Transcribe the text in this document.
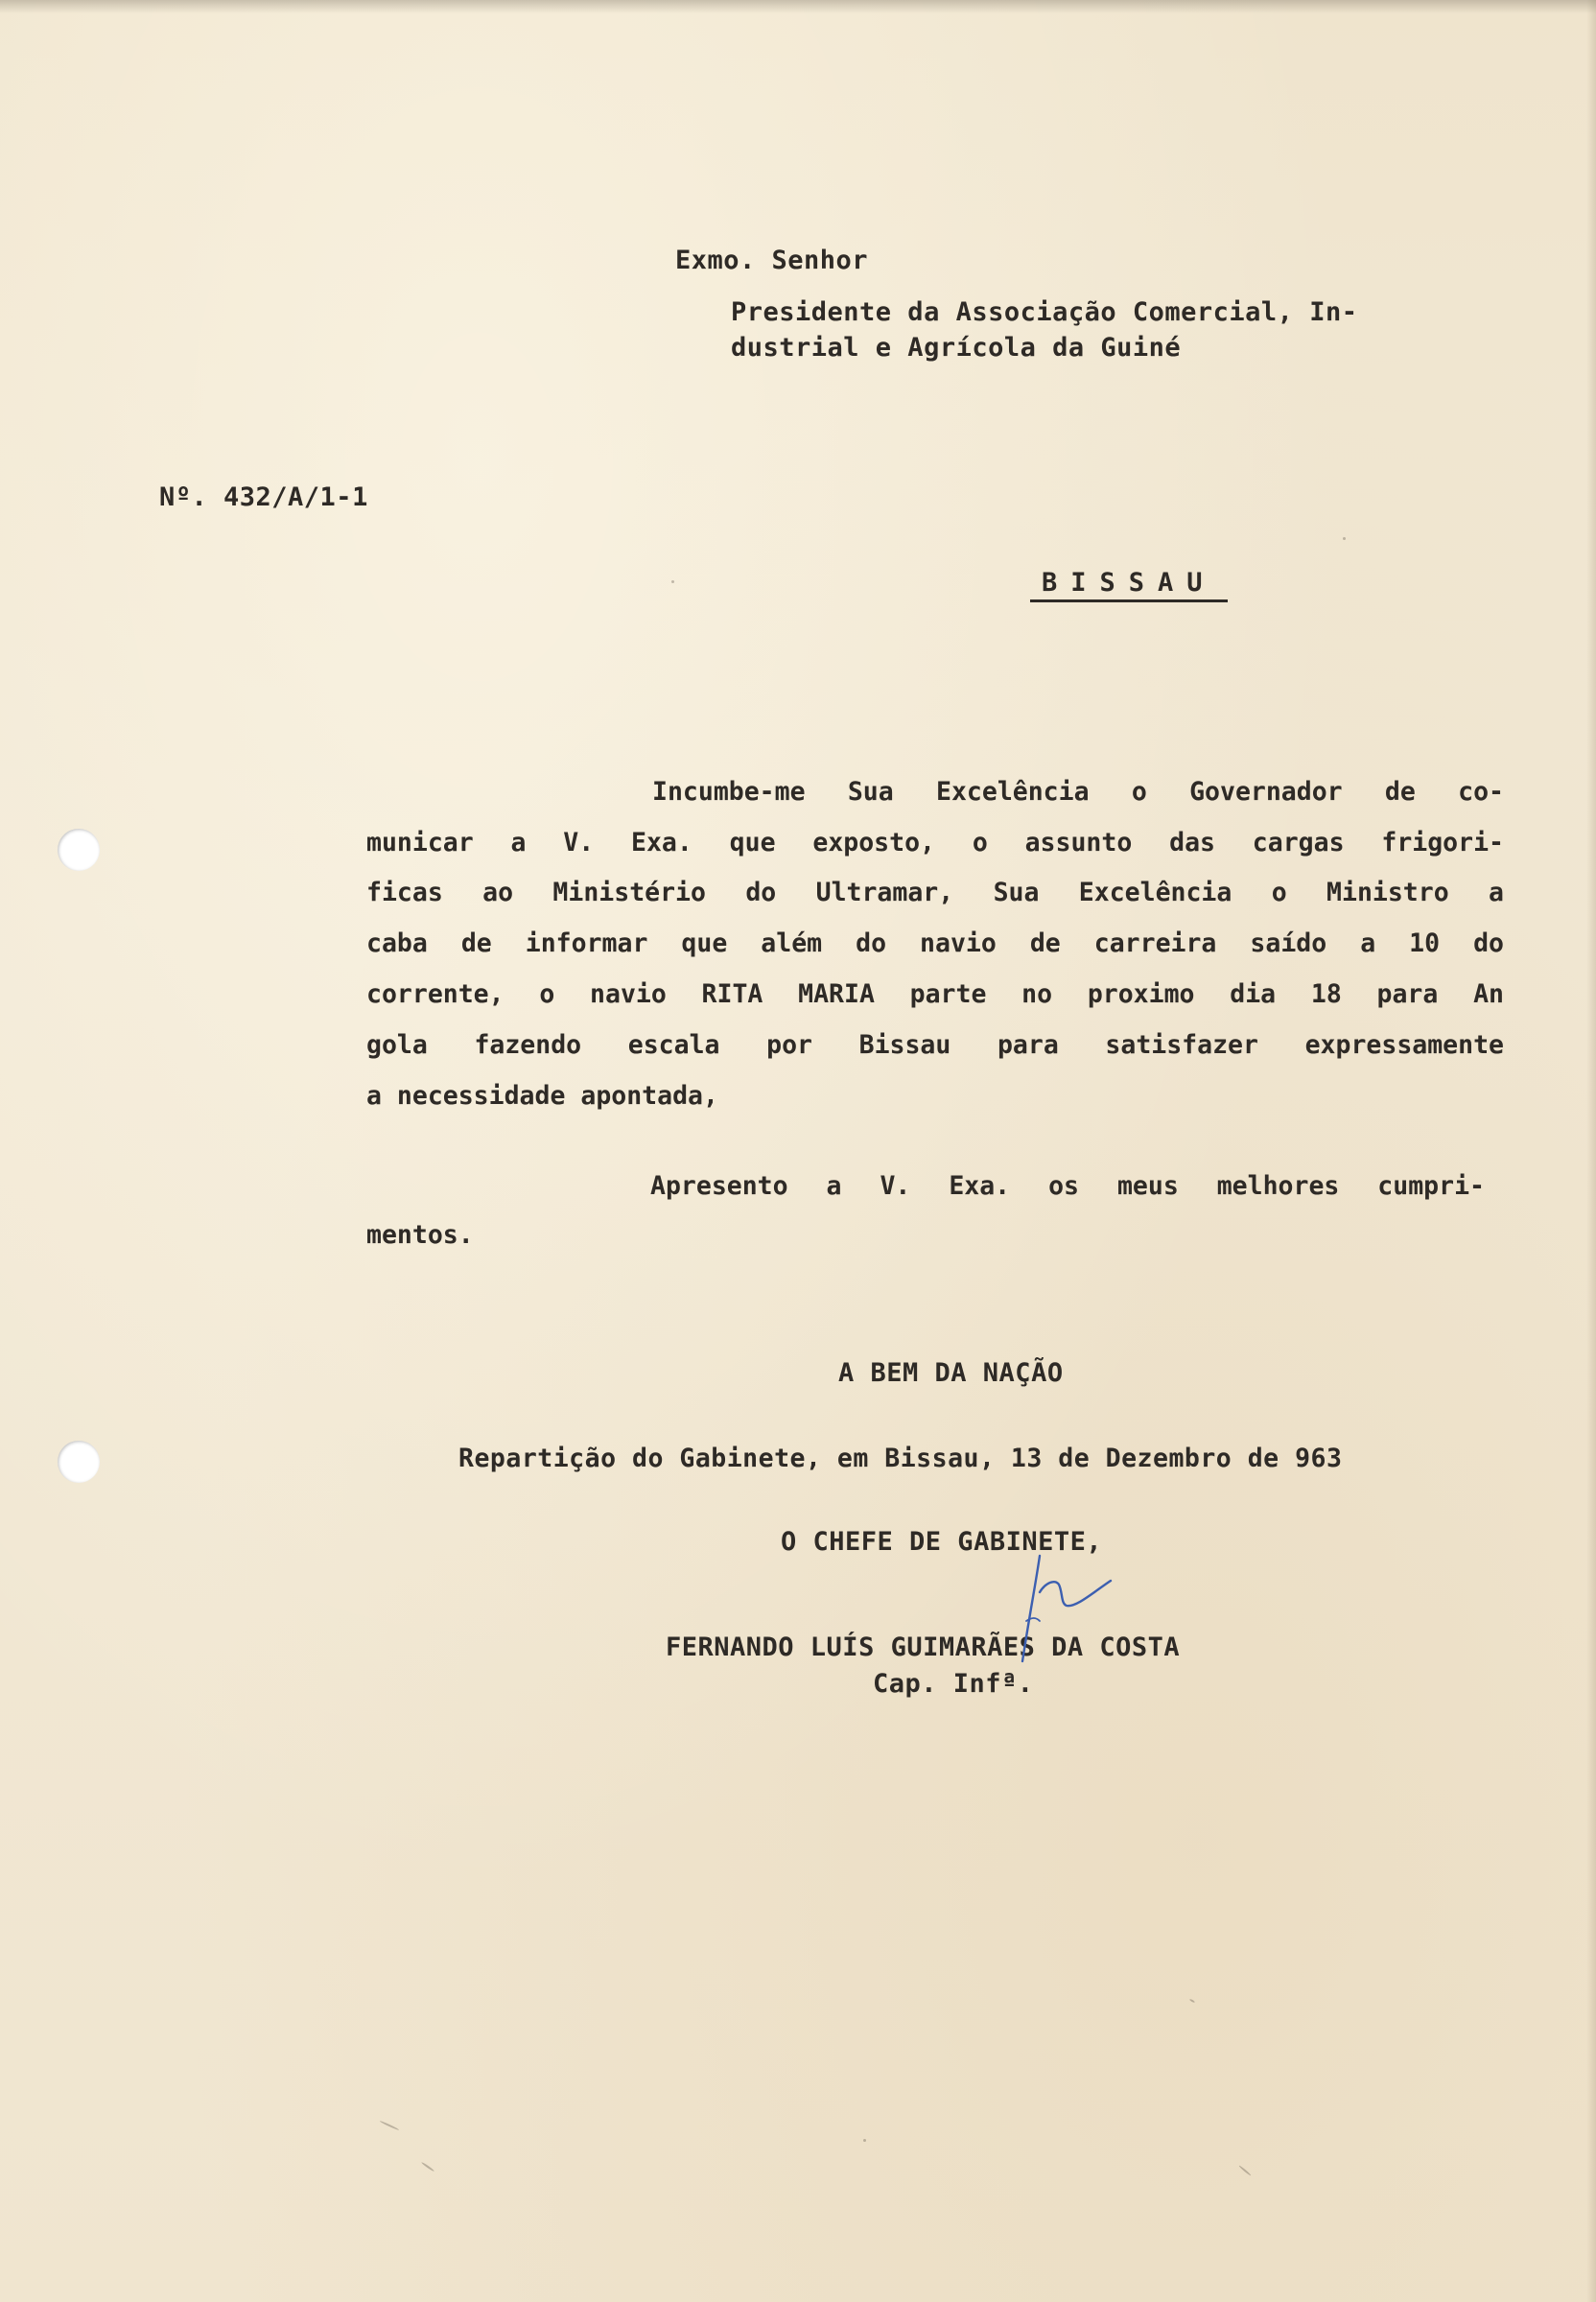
Exmo. Senhor
Presidente da Associação Comercial, In-
dustrial e Agrícola da Guiné
Nº. 432/A/1-1
BISSAU
Incumbe-me Sua Excelência o Governador de co-
municar a V. Exa. que exposto, o assunto das cargas frigori-
ficas ao Ministério do Ultramar, Sua Excelência o Ministro a
caba de informar que além do navio de carreira saído a 10 do
corrente, o navio RITA MARIA parte no proximo dia 18 para An
gola fazendo escala por Bissau para satisfazer expressamente
a necessidade apontada,
Apresento a V. Exa. os meus melhores cumpri-
mentos.
A BEM DA NAÇÃO
Repartição do Gabinete, em Bissau, 13 de Dezembro de 963
O CHEFE DE GABINETE,
FERNANDO LUÍS GUIMARÃES DA COSTA
Cap. Infª.
